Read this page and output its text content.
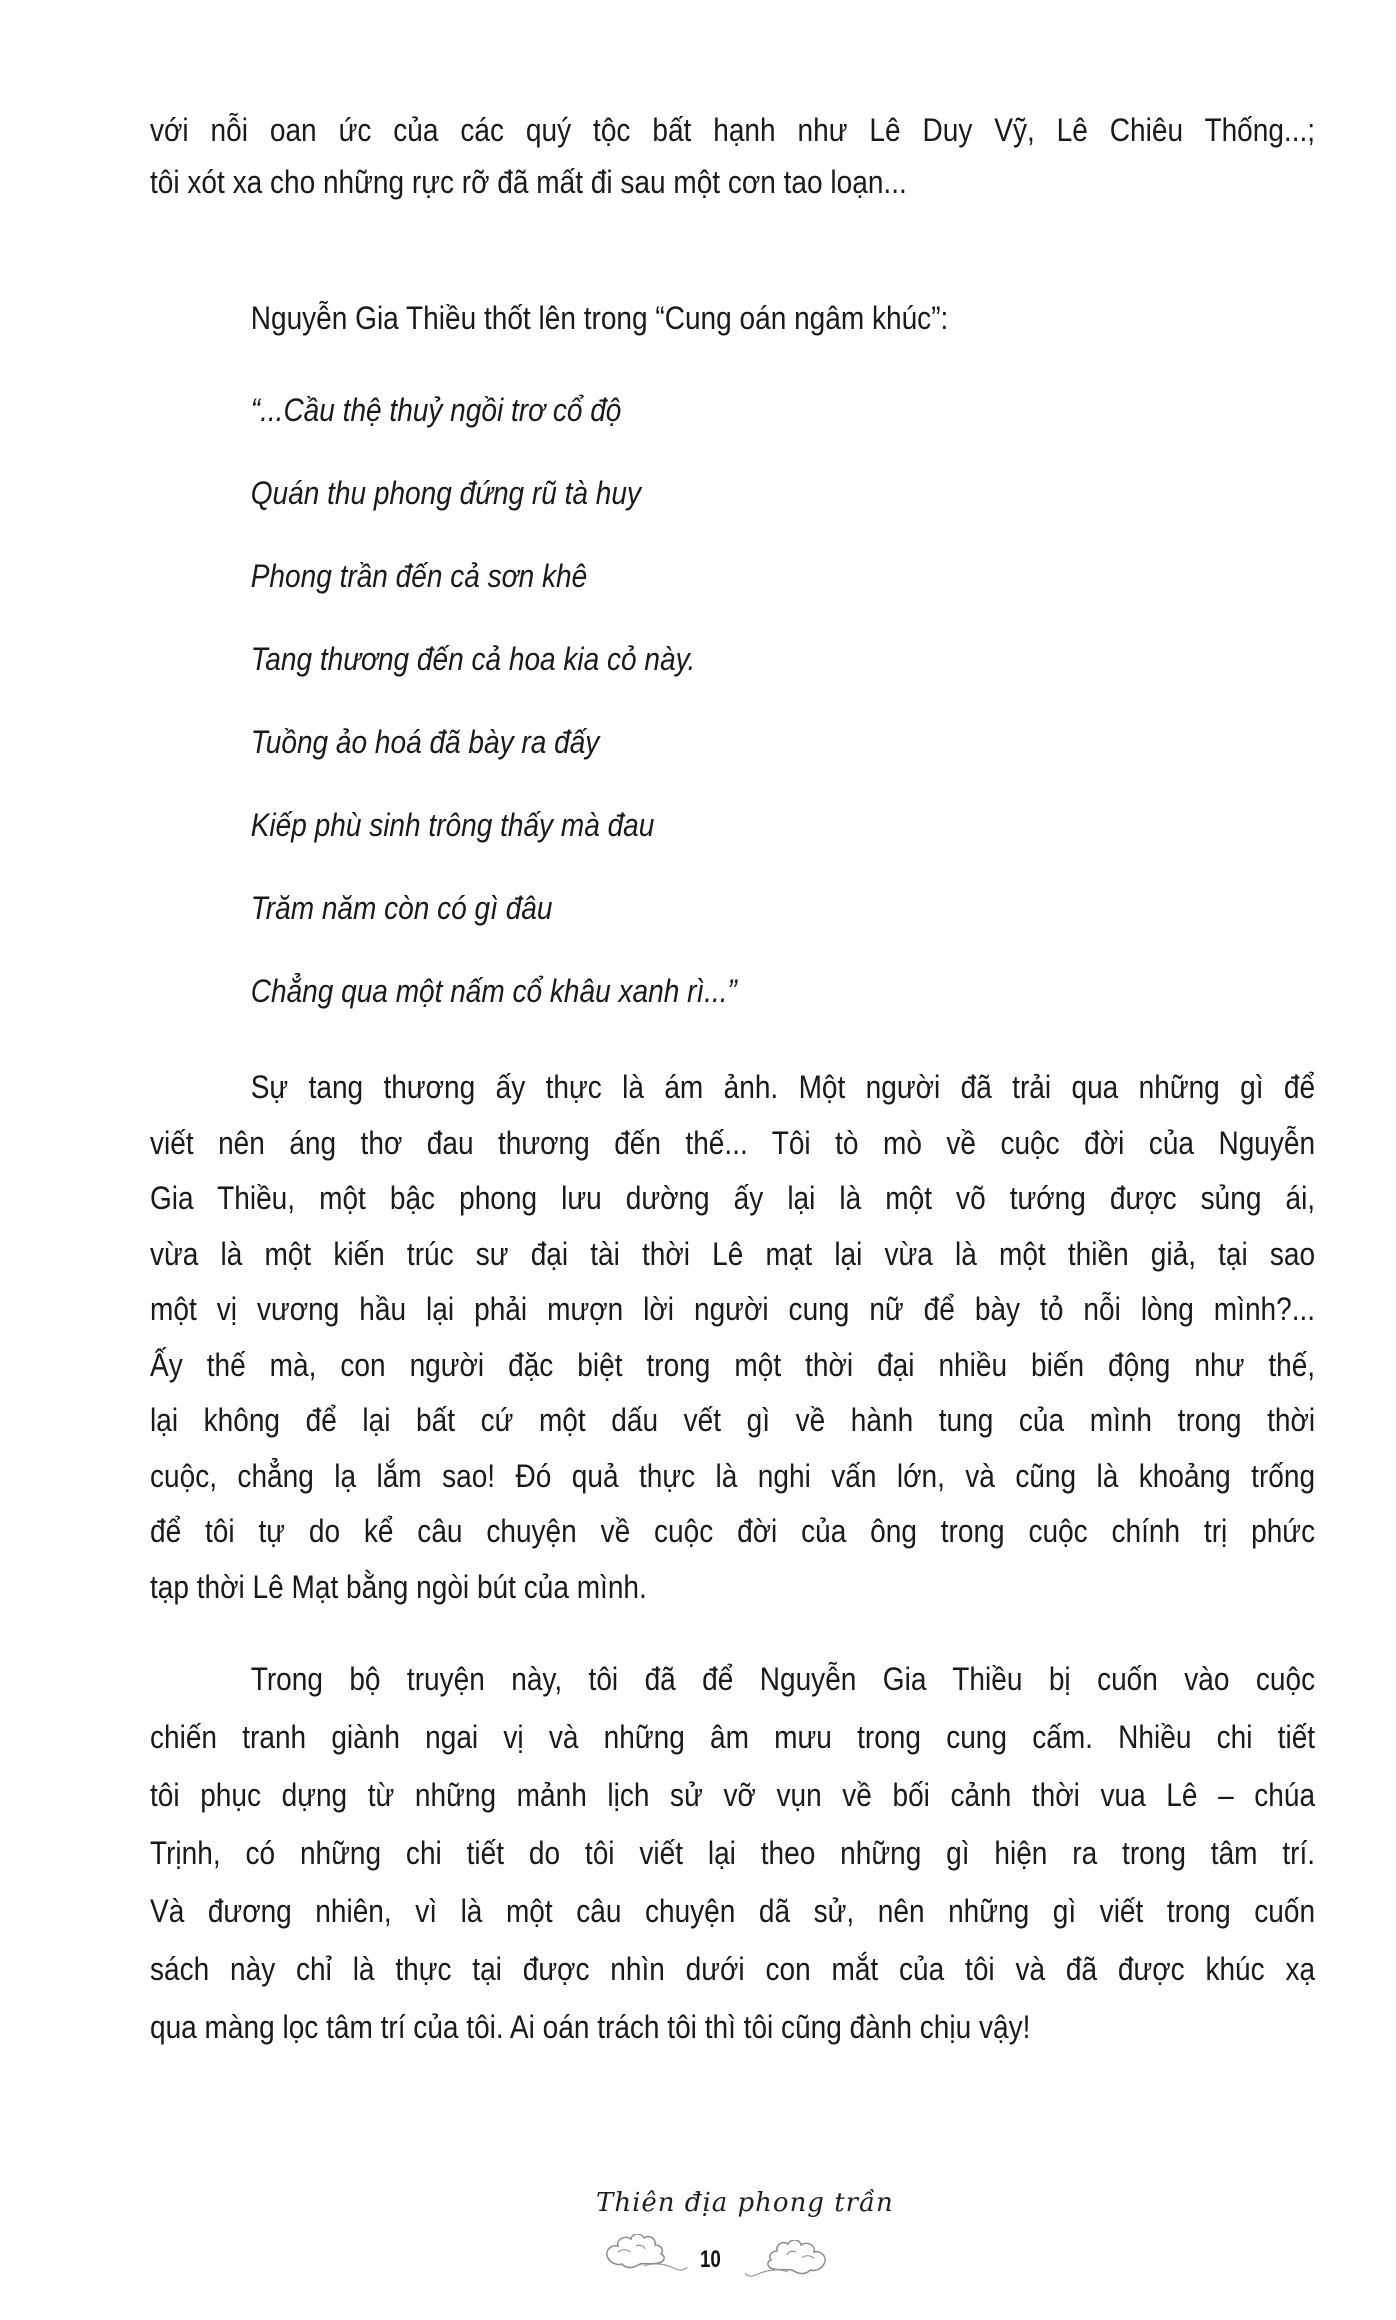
với nỗi oan ức của các quý tộc bất hạnh như Lê Duy Vỹ, Lê Chiêu Thống...;
tôi xót xa cho những rực rỡ đã mất đi sau một cơn tao loạn...
Nguyễn Gia Thiều thốt lên trong “Cung oán ngâm khúc”:
“...Cầu thệ thuỷ ngồi trơ cổ độ
Quán thu phong đứng rũ tà huy
Phong trần đến cả sơn khê
Tang thương đến cả hoa kia cỏ này.
Tuồng ảo hoá đã bày ra đấy
Kiếp phù sinh trông thấy mà đau
Trăm năm còn có gì đâu
Chẳng qua một nấm cổ khâu xanh rì...”
Sự tang thương ấy thực là ám ảnh. Một người đã trải qua những gì để
viết nên áng thơ đau thương đến thế... Tôi tò mò về cuộc đời của Nguyễn
Gia Thiều, một bậc phong lưu dường ấy lại là một võ tướng được sủng ái,
vừa là một kiến trúc sư đại tài thời Lê mạt lại vừa là một thiền giả, tại sao
một vị vương hầu lại phải mượn lời người cung nữ để bày tỏ nỗi lòng mình?...
Ấy thế mà, con người đặc biệt trong một thời đại nhiều biến động như thế,
lại không để lại bất cứ một dấu vết gì về hành tung của mình trong thời
cuộc, chẳng lạ lắm sao! Đó quả thực là nghi vấn lớn, và cũng là khoảng trống
để tôi tự do kể câu chuyện về cuộc đời của ông trong cuộc chính trị phức
tạp thời Lê Mạt bằng ngòi bút của mình.
Trong bộ truyện này, tôi đã để Nguyễn Gia Thiều bị cuốn vào cuộc
chiến tranh giành ngai vị và những âm mưu trong cung cấm. Nhiều chi tiết
tôi phục dựng từ những mảnh lịch sử vỡ vụn về bối cảnh thời vua Lê – chúa
Trịnh, có những chi tiết do tôi viết lại theo những gì hiện ra trong tâm trí.
Và đương nhiên, vì là một câu chuyện dã sử, nên những gì viết trong cuốn
sách này chỉ là thực tại được nhìn dưới con mắt của tôi và đã được khúc xạ
qua màng lọc tâm trí của tôi. Ai oán trách tôi thì tôi cũng đành chịu vậy!
Thiên địa phong trần
10
